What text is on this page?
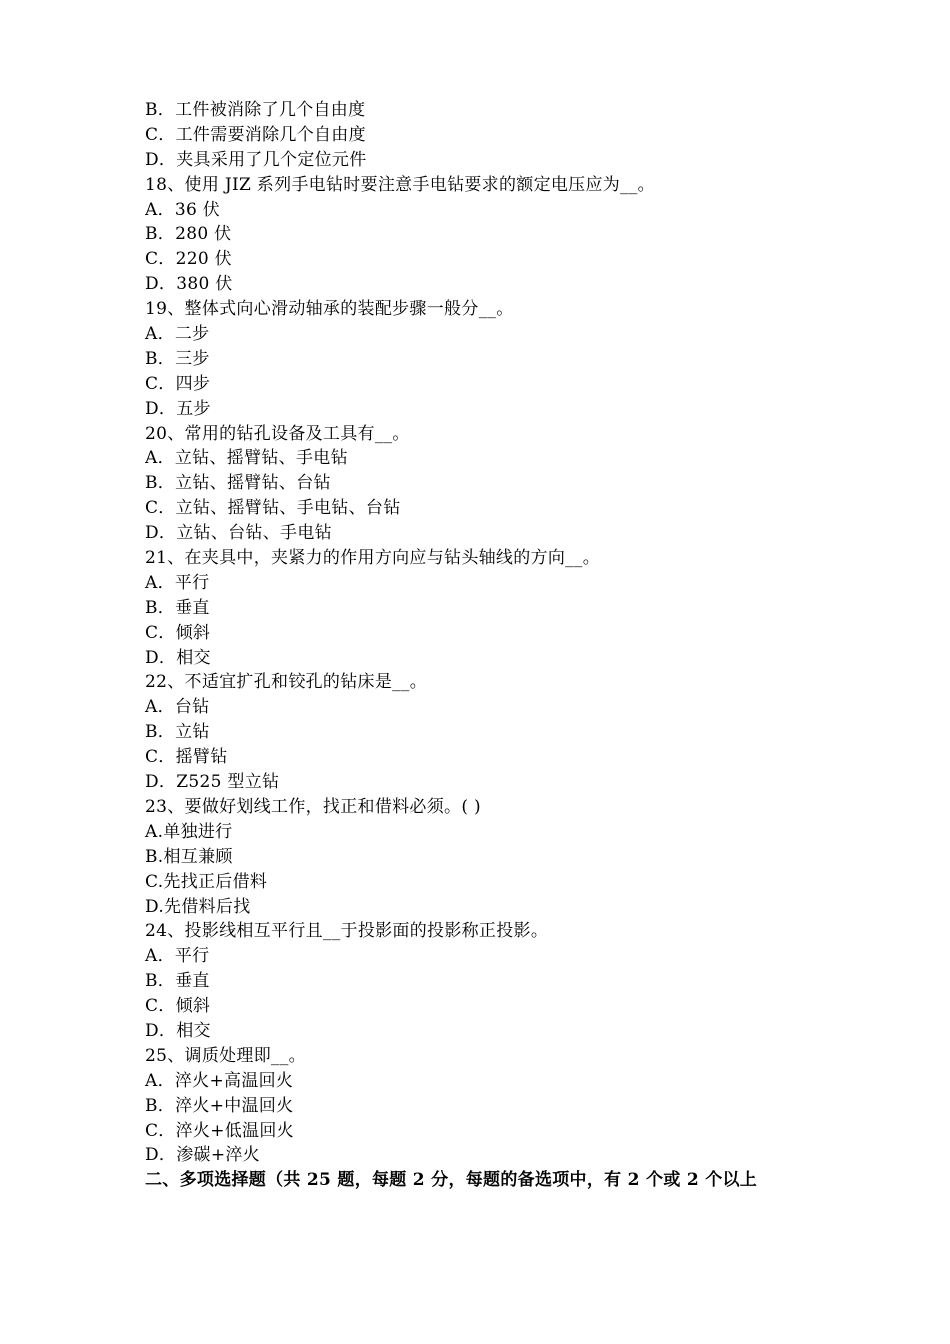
B．工件被消除了几个自由度
C．工件需要消除几个自由度
D．夹具采用了几个定位元件
18、使用 JIZ 系列手电钻时要注意手电钻要求的额定电压应为__。
A．36 伏
B．280 伏
C．220 伏
D．380 伏
19、整体式向心滑动轴承的装配步骤一般分__。
A．二步
B．三步
C．四步
D．五步
20、常用的钻孔设备及工具有__。
A．立钻、摇臂钻、手电钻
B．立钻、摇臂钻、台钻
C．立钻、摇臂钻、手电钻、台钻
D．立钻、台钻、手电钻
21、在夹具中，夹紧力的作用方向应与钻头轴线的方向__。
A．平行
B．垂直
C．倾斜
D．相交
22、不适宜扩孔和铰孔的钻床是__。
A．台钻
B．立钻
C．摇臂钻
D．Z525 型立钻
23、要做好划线工作，找正和借料必须。( )
A.单独进行
B.相互兼顾
C.先找正后借料
D.先借料后找
24、投影线相互平行且__于投影面的投影称正投影。
A．平行
B．垂直
C．倾斜
D．相交
25、调质处理即__。
A．淬火+高温回火
B．淬火+中温回火
C．淬火+低温回火
D．渗碳+淬火
二、多项选择题（共 25 题，每题 2 分，每题的备选项中，有 2 个或 2 个以上
